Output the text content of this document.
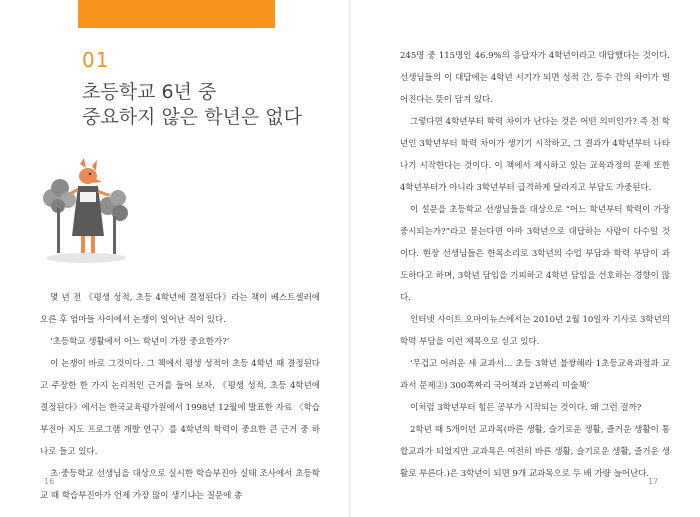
01
초등학교 6년 중
중요하지 않은 학년은 없다

몇 년 전 《평생 성적, 초등 4학년에 결정된다》라는 책이 베스트셀러에 오른 후 엄마들 사이에서 논쟁이 일어난 적이 있다.

‘초등학교 생활에서 어느 학년이 가장 중요한가?’

이 논쟁이 바로 그것이다. 그 책에서 평생 성적이 초등 4학년 때 결정된다고 주장한 한 가지 논리적인 근거를 들어 보자. 《평생 성적, 초등 4학년에 결정된다》에서는 한국교육평가원에서 1998년 12월에 발표한 자료 〈학습부진아 지도 프로그램 개발 연구〉를 4학년의 학력이 중요한 큰 근거 중 하나로 들고 있다.

초·중등학교 선생님을 대상으로 실시한 학습부진아 실태 조사에서 초등학교 때 학습부진아가 언제 가장 많이 생기냐는 질문에 총

16

245명 중 115명인 46.9%의 응답자가 4학년이라고 대답했다는 것이다. 선생님들의 이 대답에는 4학년 시기가 되면 성적 간, 등수 간의 차이가 벌어진다는 뜻이 담겨 있다.

그렇다면 4학년부터 학력 차이가 난다는 것은 어떤 의미인가? 즉 전 학년인 3학년부터 학력 차이가 생기기 시작하고, 그 결과가 4학년부터 나타나기 시작한다는 것이다. 이 책에서 제시하고 있는 교육과정의 문제 또한 4학년부터가 아니라 3학년부터 급격하게 달라지고 부담도 가중된다.

이 설문을 초등학교 선생님들을 대상으로 “어느 학년부터 학력이 가장 중시되는가?”라고 묻는다면 아마 3학년으로 대답하는 사람이 다수일 것이다. 현장 선생님들은 한목소리로 3학년의 수업 부담과 학력 부담이 과도하다고 하며, 3학년 담임을 기피하고 4학년 담임을 선호하는 경향이 많다.

인터넷 사이트 오마이뉴스에서는 2010년 2월 10일자 기사로 3학년의 학력 부담을 이런 제목으로 싣고 있다.

‘무겁고 어려운 새 교과서… 초등 3학년 불쌍해라 1초등교육과정과 교과서 문제②) 300쪽짜리 국어책과 2년짜리 미술책’

이처럼 3학년부터 힘든 공부가 시작되는 것이다. 왜 그런 걸까?

2학년 때 5개이던 교과목(바른 생활, 슬기로운 생활, 즐거운 생활이 통합교과가 되었지만 교과목은 여전히 바른 생활, 슬기로운 생활, 즐거운 생활로 부른다.)은 3학년이 되면 9개 교과목으로 두 배 가량 늘어난다.

17
